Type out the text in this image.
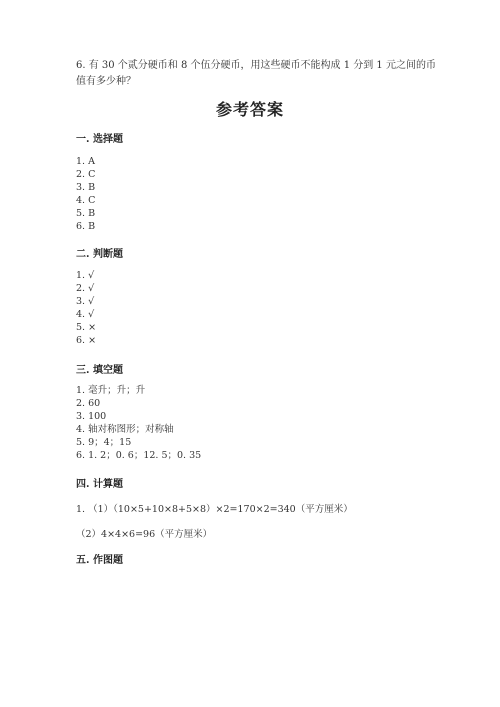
6. 有 30 个贰分硬币和 8 个伍分硬币，用这些硬币不能构成 1 分到 1 元之间的币
值有多少种？
参考答案
一. 选择题
1. A
2. C
3. B
4. C
5. B
6. B
二. 判断题
1. √
2. √
3. √
4. √
5. ×
6. ×
三. 填空题
1. 毫升；升；升
2. 60
3. 100
4. 轴对称图形；对称轴
5. 9；4；15
6. 1. 2；0. 6；12. 5；0. 35
四. 计算题
1. （1）（10×5+10×8+5×8）×2=170×2=340（平方厘米）
（2）4×4×6=96（平方厘米）
五. 作图题
